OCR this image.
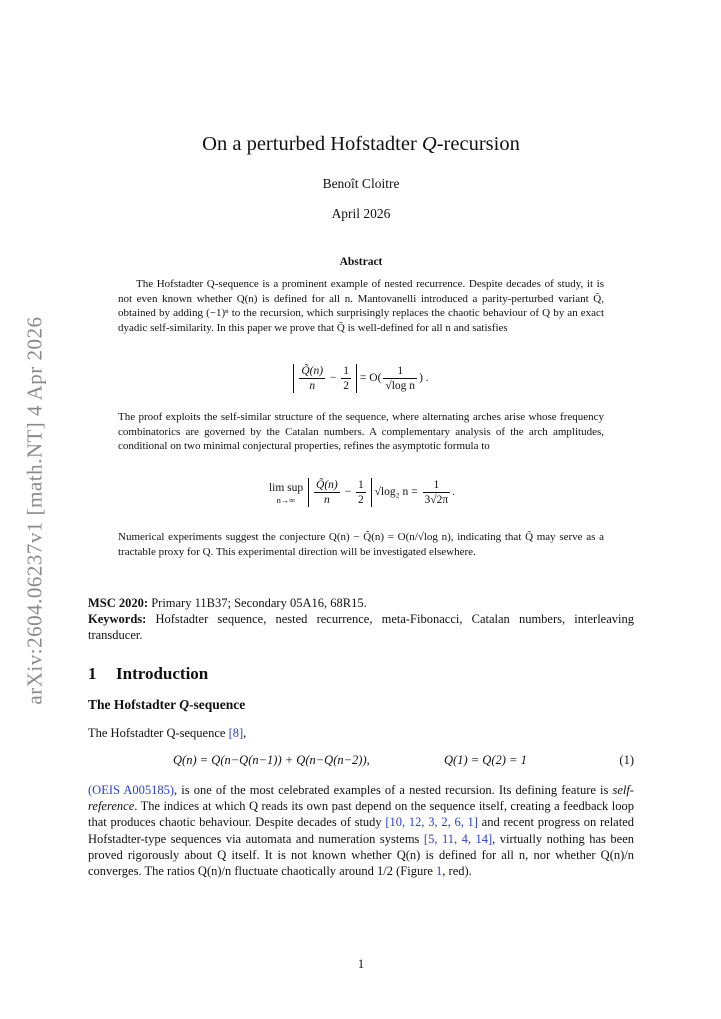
arXiv:2604.06237v1 [math.NT] 4 Apr 2026
On a perturbed Hofstadter Q-recursion
Benoît Cloitre
April 2026
Abstract

The Hofstadter Q-sequence is a prominent example of nested recurrence. Despite decades of study, it is not even known whether Q(n) is defined for all n. Mantovanelli introduced a parity-perturbed variant Q̃, obtained by adding (−1)ⁿ to the recursion, which surprisingly replaces the chaotic behaviour of Q by an exact dyadic self-similarity. In this paper we prove that Q̃ is well-defined for all n and satisfies

$\frac{Q̃(n)}{n} - \frac{1}{2} = O( \frac{1}{\text{√log n}}$ ) .

The proof exploits the self-similar structure of the sequence, where alternating arches arise whose frequency combinatorics are governed by the Catalan numbers. A complementary analysis of the arch amplitudes, conditional on two minimal conjectural properties, refines the asymptotic formula to

lim sup
n→∞
	$\frac{Q̃(n)}{n} - \frac{1}{2} √\log_2$ $n = \frac{1}{3√2\pi}$ .

Numerical experiments suggest the conjecture Q(n) − Q̃(n) = O(n/√log n), indicating that Q̃ may serve as a tractable proxy for Q. This experimental direction will be investigated elsewhere.

MSC 2020: Primary 11B37; Secondary 05A16, 68R15.

Keywords: Hofstadter sequence, nested recurrence, meta-Fibonacci, Catalan numbers, interleaving transducer.

1 Introduction
The Hofstadter Q-sequence

The Hofstadter Q-sequence [8],

Q(n) = Q(n−Q(n−1)) + Q(n−Q(n−2)),	Q(1) = Q(2) = 1	(1)

(OEIS A005185), is one of the most celebrated examples of a nested recursion. Its defining feature is self-reference. The indices at which Q reads its own past depend on the sequence itself, creating a feedback loop that produces chaotic behaviour. Despite decades of study [10, 12, 3, 2, 6, 1] and recent progress on related Hofstadter-type sequences via automata and numeration systems [5, 11, 4, 14], virtually nothing has been proved rigorously about Q itself. It is not known whether Q(n) is defined for all n, nor whether Q(n)/n converges. The ratios Q(n)/n fluctuate chaotically around 1/2 (Figure 1, red).

1
